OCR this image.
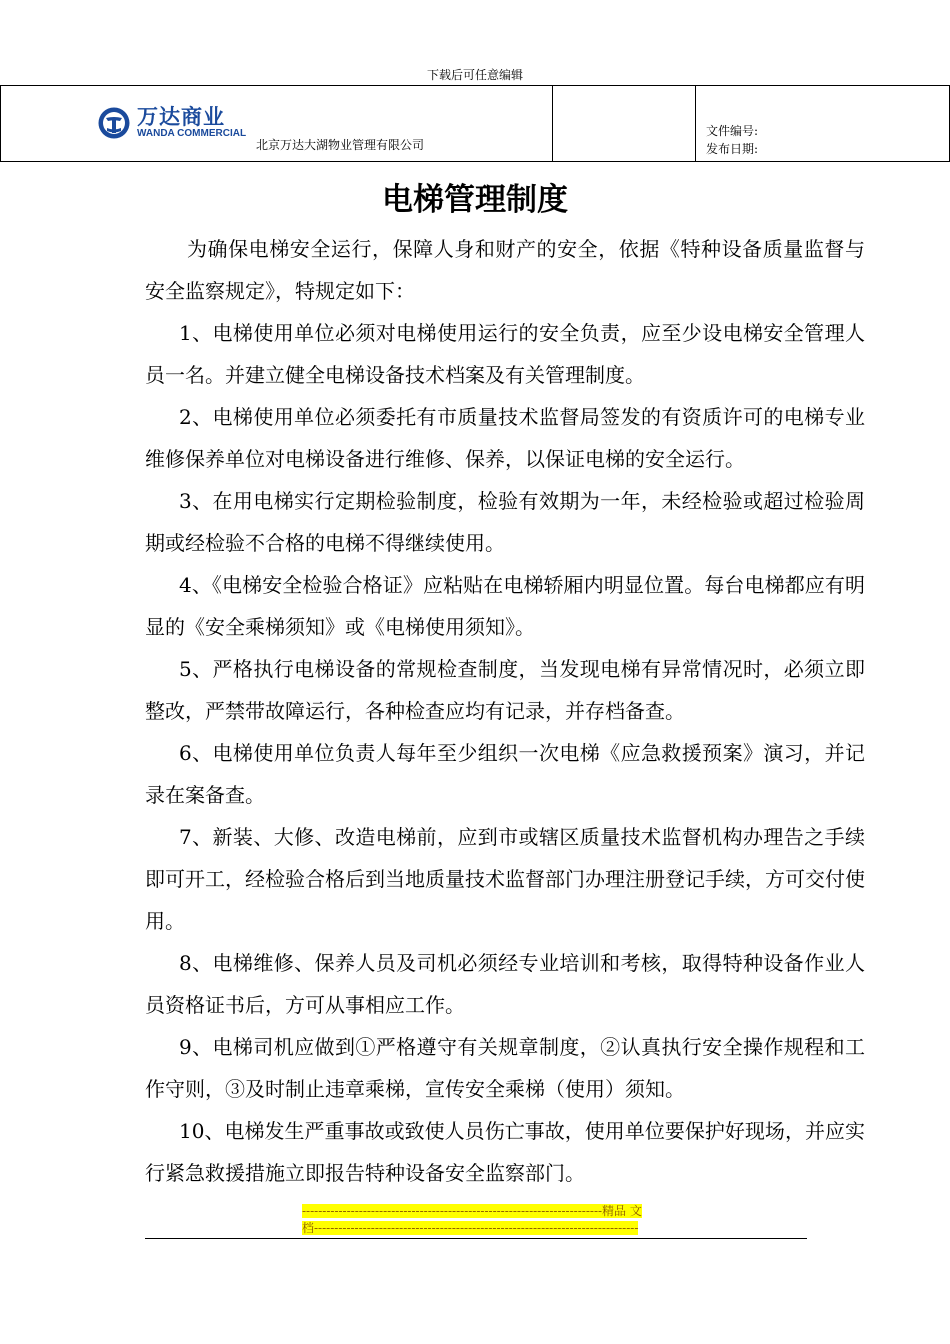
下载后可任意编辑
万达商业
WANDA COMMERCIAL
北京万达大湖物业管理有限公司
文件编号:
发布日期:
电梯管理制度

为确保电梯安全运行，保障人身和财产的安全，依据《特种设备质量监督与安全监察规定》，特规定如下：

1、电梯使用单位必须对电梯使用运行的安全负责，应至少设电梯安全管理人员一名。并建立健全电梯设备技术档案及有关管理制度。

2、电梯使用单位必须委托有市质量技术监督局签发的有资质许可的电梯专业维修保养单位对电梯设备进行维修、保养，以保证电梯的安全运行。

3、在用电梯实行定期检验制度，检验有效期为一年，未经检验或超过检验周期或经检验不合格的电梯不得继续使用。

4、《电梯安全检验合格证》应粘贴在电梯轿厢内明显位置。每台电梯都应有明显的《安全乘梯须知》或《电梯使用须知》。

5、严格执行电梯设备的常规检查制度，当发现电梯有异常情况时，必须立即整改，严禁带故障运行，各种检查应均有记录，并存档备查。

6、电梯使用单位负责人每年至少组织一次电梯《应急救援预案》演习，并记录在案备查。

7、新装、大修、改造电梯前，应到市或辖区质量技术监督机构办理告之手续即可开工，经检验合格后到当地质量技术监督部门办理注册登记手续，方可交付使用。

8、电梯维修、保养人员及司机必须经专业培训和考核，取得特种设备作业人员资格证书后，方可从事相应工作。

9、电梯司机应做到①严格遵守有关规章制度，②认真执行安全操作规程和工作守则，③及时制止违章乘梯，宣传安全乘梯（使用）须知。

10、电梯发生严重事故或致使人员伤亡事故，使用单位要保护好现场，并应实行紧急救援措施立即报告特种设备安全监察部门。

--------------------------------------------------------------------------精品 文
档--------------------------------------------------------------------------------
